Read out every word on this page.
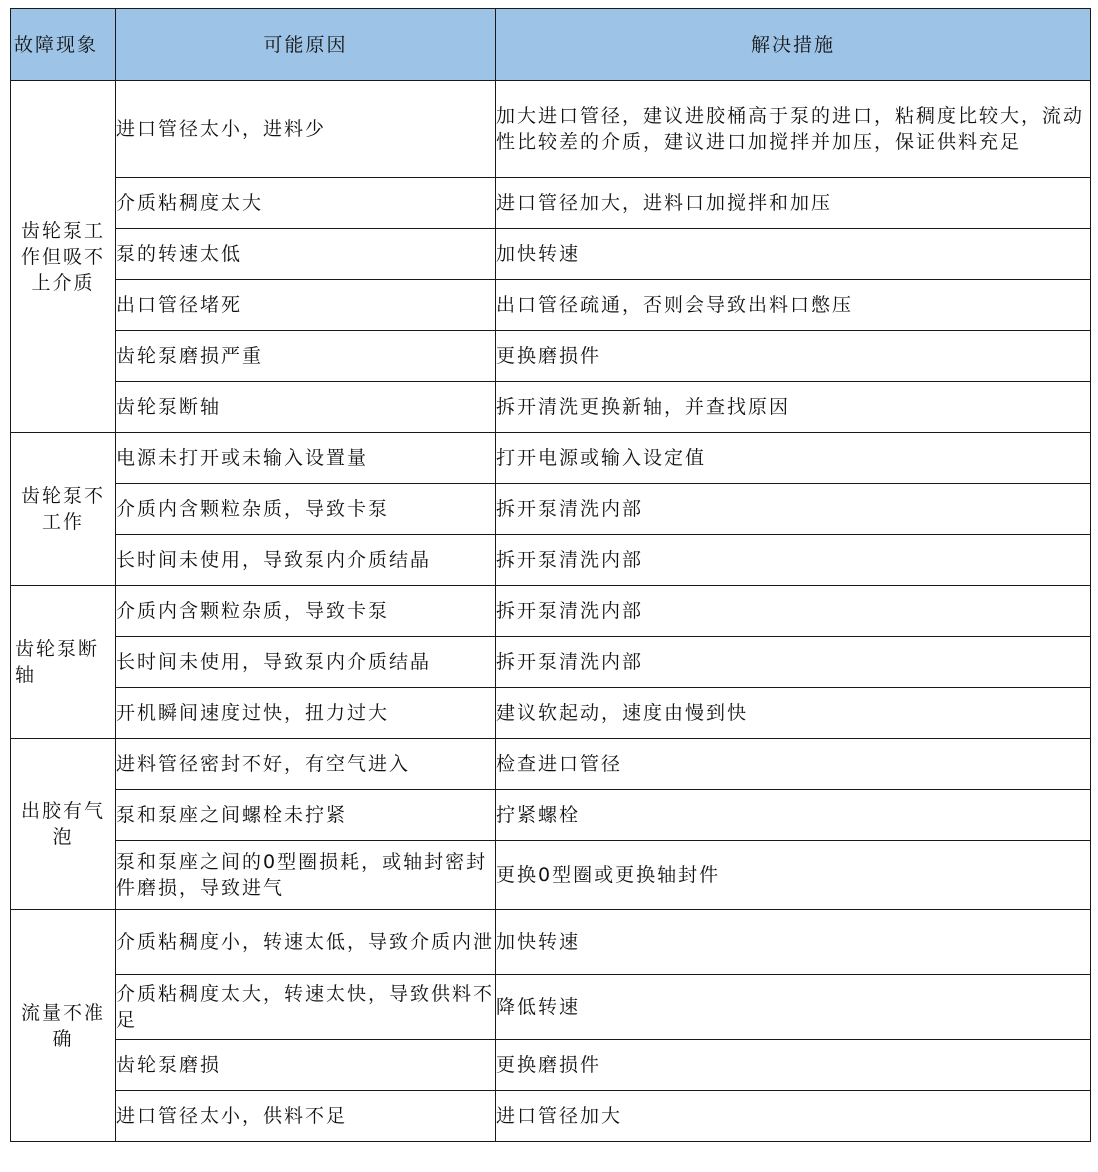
故障现象	可能原因	解决措施
齿轮泵工作但吸不上介质	进口管径太小，进料少	加大进口管径，建议进胶桶高于泵的进口，粘稠度比较大，流动性比较差的介质，建议进口加搅拌并加压，保证供料充足
	介质粘稠度太大	进口管径加大，进料口加搅拌和加压
	泵的转速太低	加快转速
	出口管径堵死	出口管径疏通，否则会导致出料口憋压
	齿轮泵磨损严重	更换磨损件
	齿轮泵断轴	拆开清洗更换新轴，并查找原因
齿轮泵不工作	电源未打开或未输入设置量	打开电源或输入设定值
	介质内含颗粒杂质，导致卡泵	拆开泵清洗内部
	长时间未使用，导致泵内介质结晶	拆开泵清洗内部
齿轮泵断轴	介质内含颗粒杂质，导致卡泵	拆开泵清洗内部
	长时间未使用，导致泵内介质结晶	拆开泵清洗内部
	开机瞬间速度过快，扭力过大	建议软起动，速度由慢到快
出胶有气泡	进料管径密封不好，有空气进入	检查进口管径
	泵和泵座之间螺栓未拧紧	拧紧螺栓
	泵和泵座之间的0型圈损耗，或轴封密封件磨损，导致进气	更换0型圈或更换轴封件
流量不准确	介质粘稠度小，转速太低，导致介质内泄	加快转速
	介质粘稠度太大，转速太快，导致供料不足	降低转速
	齿轮泵磨损	更换磨损件
	进口管径太小，供料不足	进口管径加大
